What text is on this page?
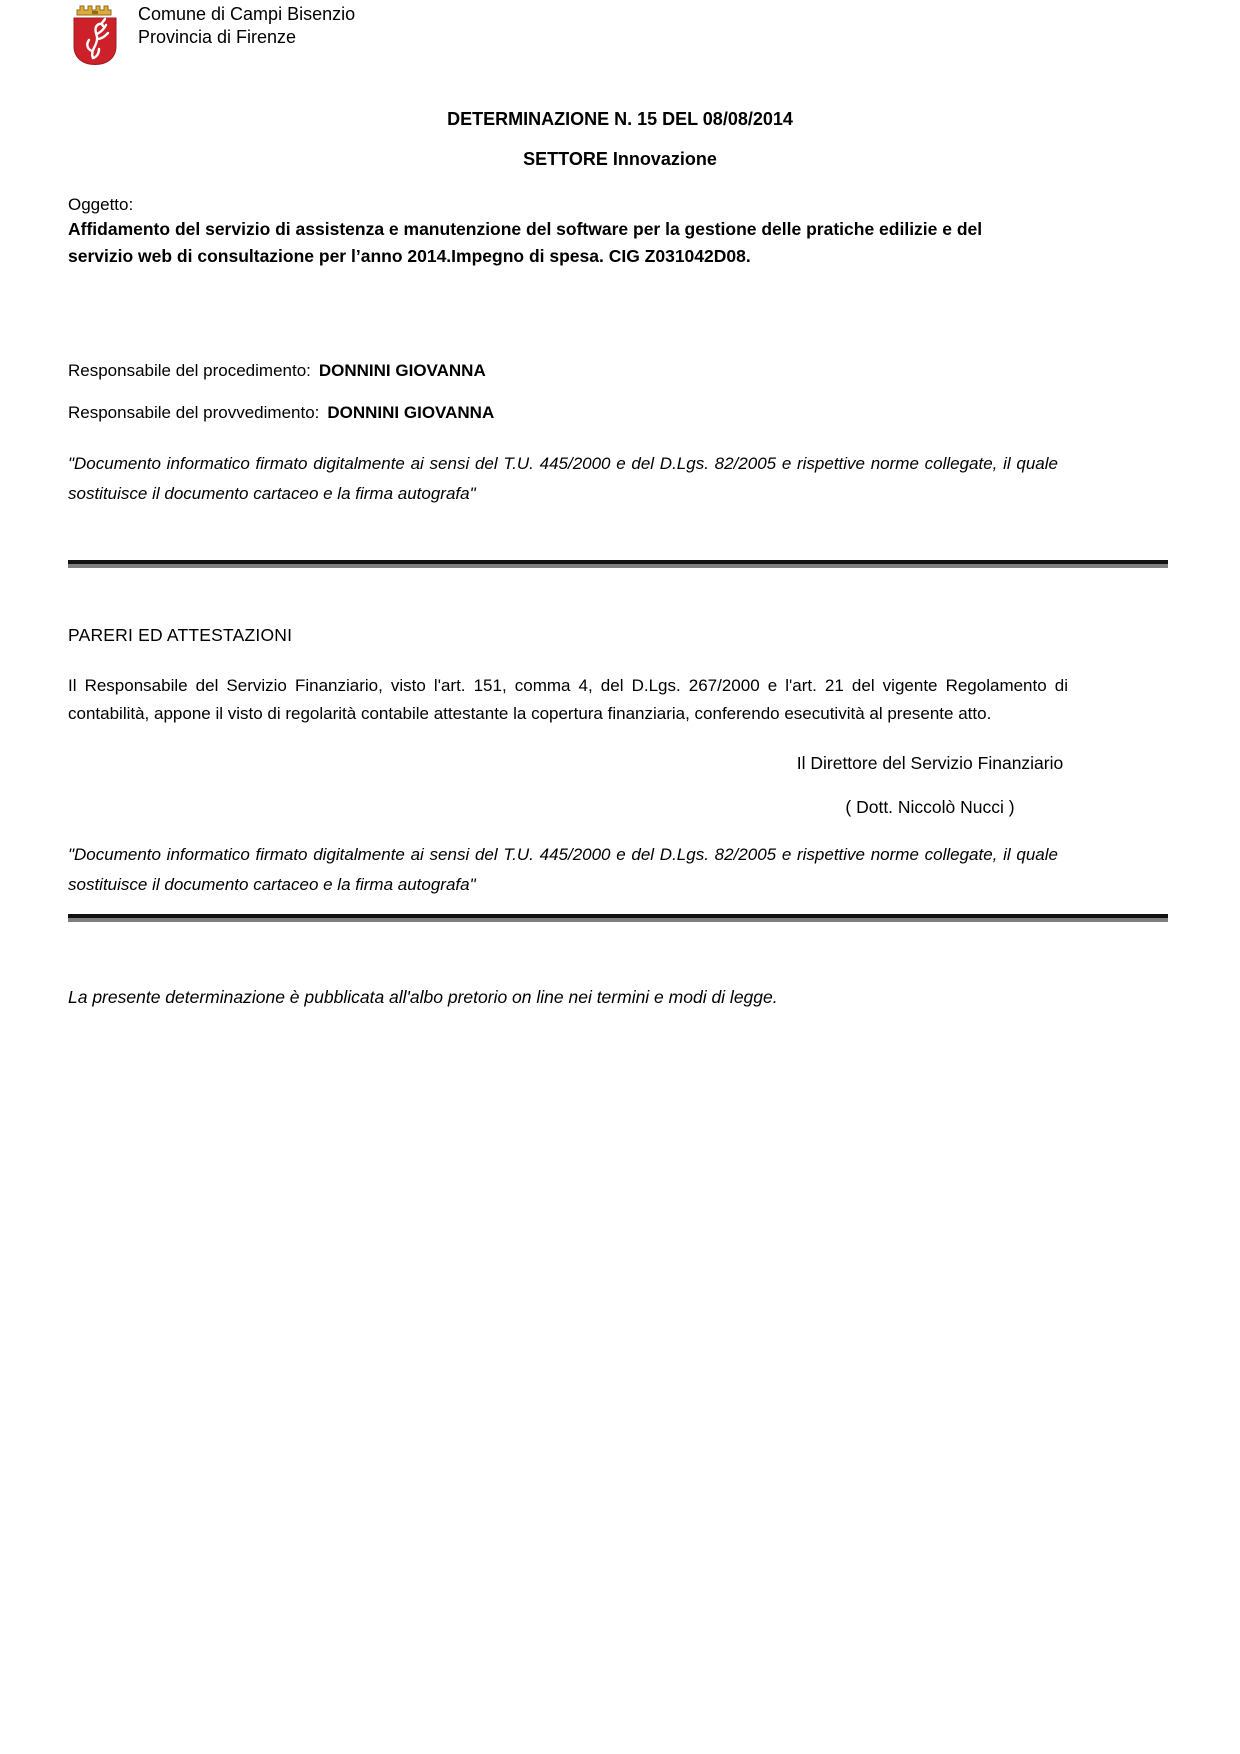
Comune di Campi Bisenzio
Provincia di Firenze
DETERMINAZIONE N. 15 DEL 08/08/2014
SETTORE Innovazione
Oggetto:
Affidamento del servizio di assistenza e manutenzione del software per la gestione delle pratiche edilizie e del servizio web di consultazione per l’anno 2014.Impegno di spesa. CIG Z031042D08.
Responsabile del procedimento: DONNINI GIOVANNA
Responsabile del provvedimento: DONNINI GIOVANNA
"Documento informatico firmato digitalmente ai sensi del T.U. 445/2000 e del D.Lgs. 82/2005 e rispettive norme collegate, il quale sostituisce il documento cartaceo e la firma autografa"
PARERI ED ATTESTAZIONI
Il Responsabile del Servizio Finanziario, visto l'art. 151, comma 4, del D.Lgs. 267/2000 e l'art. 21 del vigente Regolamento di contabilità, appone il visto di regolarità contabile attestante la copertura finanziaria, conferendo esecutività al presente atto.
Il Direttore del Servizio Finanziario
( Dott. Niccolò Nucci )
"Documento informatico firmato digitalmente ai sensi del T.U. 445/2000 e del D.Lgs. 82/2005 e rispettive norme collegate, il quale sostituisce il documento cartaceo e la firma autografa"
La presente determinazione è pubblicata all'albo pretorio on line nei termini e modi di legge.
